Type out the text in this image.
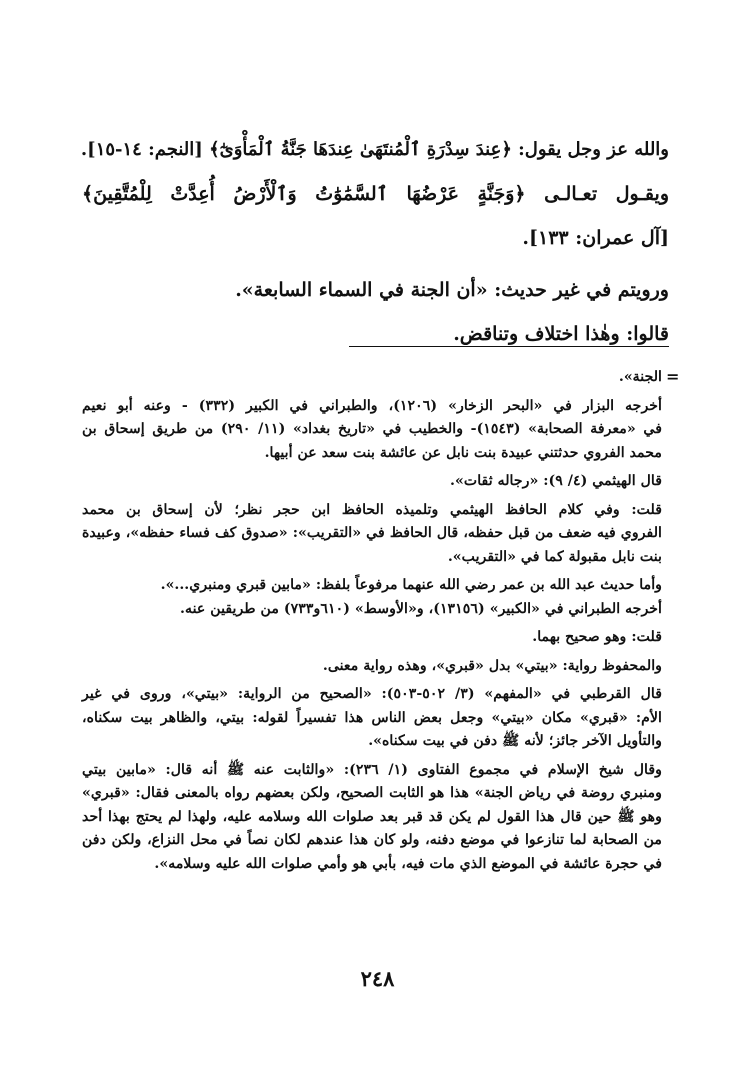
والله عز وجل يقول: ﴿عِندَ سِدْرَةِ ٱلْمُنتَهَىٰ عِندَهَا جَنَّةُ ٱلْمَأْوَىٰٓ﴾ [النجم: ١٤-١٥].

ويقـول تعـالـى ﴿وَجَنَّةٍ عَرْضُهَا ٱلسَّمَٰوَٰتُ وَٱلْأَرْضُ أُعِدَّتْ لِلْمُتَّقِينَ﴾

[آل عمران: ١٣٣].

ورويتم في غير حديث: «أن الجنة في السماء السابعة».

قالوا: وهٰذا اختلاف وتناقض.

=

الجنة».

أخرجه البزار في «البحر الزخار» (١٢٠٦)، والطبراني في الكبير (٣٣٢) - وعنه أبو نعيم

في «معرفة الصحابة» (١٥٤٣)- والخطيب في «تاريخ بغداد» (١١/ ٢٩٠) من طريق إسحاق بن

محمد الفروي حدثتني عبيدة بنت نابل عن عائشة بنت سعد عن أبيها.

قال الهيثمي (٤/ ٩): «رجاله ثقات».

قلت: وفي كلام الحافظ الهيثمي وتلميذه الحافظ ابن حجر نظر؛ لأن إسحاق بن محمد

الفروي فيه ضعف من قبل حفظه، قال الحافظ في «التقريب»: «صدوق كف فساء حفظه»، وعبيدة

بنت نابل مقبولة كما في «التقريب».

وأما حديث عبد الله بن عمر رضي الله عنهما مرفوعاً بلفظ: «مابين قبري ومنبري...».

أخرجه الطبراني في «الكبير» (١٣١٥٦)، و«الأوسط» (٦١٠و٧٣٣) من طريقين عنه.

قلت: وهو صحيح بهما.

والمحفوظ رواية: «بيتي» بدل «قبري»، وهذه رواية معنى.

قال القرطبي في «المفهم» (٣/ ٥٠٢-٥٠٣): «الصحيح من الرواية: «بيتي»، وروى في غير

الأم: «قبري» مكان «بيتي» وجعل بعض الناس هذا تفسيراً لقوله: بيتي، والظاهر بيت سكناه،

والتأويل الآخر جائز؛ لأنه ﷺ دفن في بيت سكناه».

وقال شيخ الإسلام في مجموع الفتاوى (١/ ٢٣٦): «والثابت عنه ﷺ أنه قال: «مابين بيتي

ومنبري روضة في رياض الجنة» هذا هو الثابت الصحيح، ولكن بعضهم رواه بالمعنى فقال: «قبري»

وهو ﷺ حين قال هذا القول لم يكن قد قبر بعد صلوات الله وسلامه عليه، ولهذا لم يحتج بهذا أحد

من الصحابة لما تنازعوا في موضع دفنه، ولو كان هذا عندهم لكان نصاً في محل النزاع، ولكن دفن

في حجرة عائشة في الموضع الذي مات فيه، بأبي هو وأمي صلوات الله عليه وسلامه».

٢٤٨
